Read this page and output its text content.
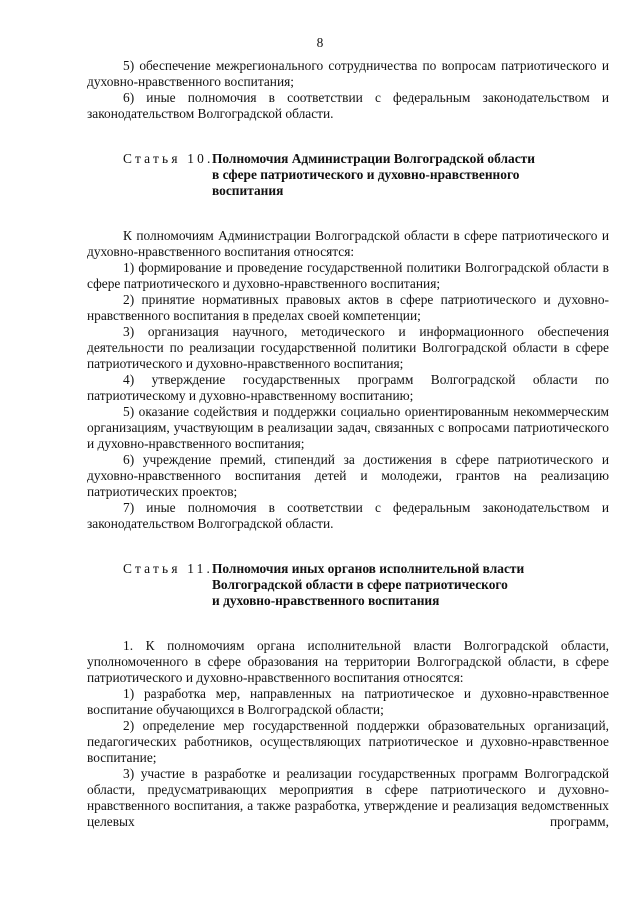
8

5) обеспечение межрегионального сотрудничества по вопросам патриотического и духовно-нравственного воспитания;

6) иные полномочия в соответствии с федеральным законодательством и законодательством Волгоградской области.

Статья 10.
Полномочия Администрации Волгоградской области
в сфере патриотического и духовно-нравственного
воспитания

К полномочиям Администрации Волгоградской области в сфере патриотического и духовно-нравственного воспитания относятся:

1) формирование и проведение государственной политики Волгоградской области в сфере патриотического и духовно-нравственного воспитания;

2) принятие нормативных правовых актов в сфере патриотического и духовно-нравственного воспитания в пределах своей компетенции;

3) организация научного, методического и информационного обеспечения деятельности по реализации государственной политики Волгоградской области в сфере патриотического и духовно-нравственного воспитания;

4) утверждение государственных программ Волгоградской области по патриотическому и духовно-нравственному воспитанию;

5) оказание содействия и поддержки социально ориентированным некоммерческим организациям, участвующим в реализации задач, связанных с вопросами патриотического и духовно-нравственного воспитания;

6) учреждение премий, стипендий за достижения в сфере патриотического и духовно-нравственного воспитания детей и молодежи, грантов на реализацию патриотических проектов;

7) иные полномочия в соответствии с федеральным законодательством и законодательством Волгоградской области.

Статья 11.
Полномочия иных органов исполнительной власти
Волгоградской области в сфере патриотического
и духовно-нравственного воспитания

1. К полномочиям органа исполнительной власти Волгоградской области, уполномоченного в сфере образования на территории Волгоградской области, в сфере патриотического и духовно-нравственного воспитания относятся:

1) разработка мер, направленных на патриотическое и духовно-нравственное воспитание обучающихся в Волгоградской области;

2) определение мер государственной поддержки образовательных организаций, педагогических работников, осуществляющих патриотическое и духовно-нравственное воспитание;

3) участие в разработке и реализации государственных программ Волгоградской области, предусматривающих мероприятия в сфере патриотического и духовно-нравственного воспитания, а также разработка, утверждение и реализация ведомственных целевых программ,
